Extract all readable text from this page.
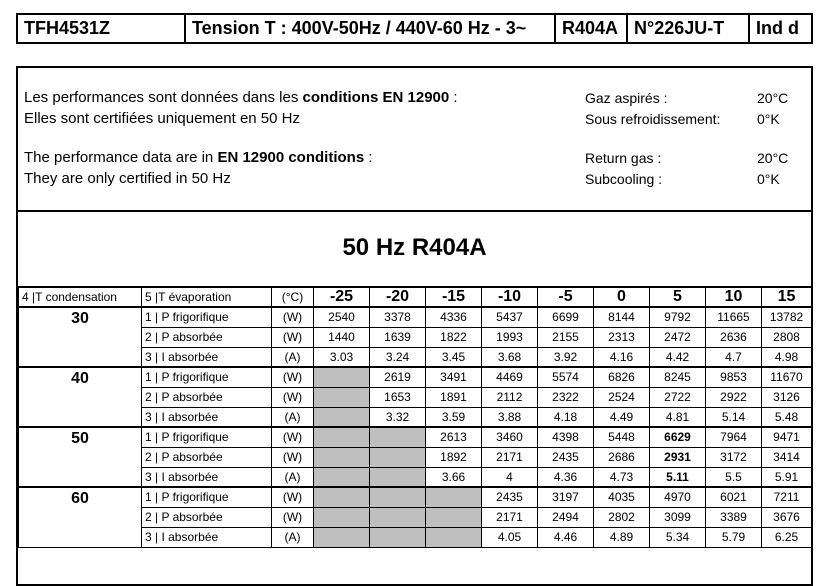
TFH4531Z	Tension T : 400V-50Hz / 440V-60 Hz - 3~	R404A N°226JU-T	Ind d
Les performances sont données dans les conditions EN 12900 :
Elles sont certifiées uniquement en 50 Hz
The performance data are in EN 12900 conditions :
They are only certified in 50 Hz
Gaz aspirés :	20°C
Sous refroidissement:	0°K
Return gas :	20°C
Subcooling :	0°K
50 Hz R404A
4 |T condensation	5 |T évaporation	(°C)	-25	-20	-15	-10	-5	0	5	10	15
30	1 | P frigorifique	(W)	2540	3378	4336	5437	6699	8144	9792	11665	13782
	2 | P absorbée	(W)	1440	1639	1822	1993	2155	2313	2472	2636	2808
	3 | I absorbée	(A)	3.03	3.24	3.45	3.68	3.92	4.16	4.42	4.7	4.98
40	1 | P frigorifique	(W)		2619	3491	4469	5574	6826	8245	9853	11670
	2 | P absorbée	(W)		1653	1891	2112	2322	2524	2722	2922	3126
	3 | I absorbée	(A)		3.32	3.59	3.88	4.18	4.49	4.81	5.14	5.48
50	1 | P frigorifique	(W)			2613	3460	4398	5448	6629	7964	9471
	2 | P absorbée	(W)			1892	2171	2435	2686	2931	3172	3414
	3 | I absorbée	(A)			3.66	4	4.36	4.73	5.11	5.5	5.91
60	1 | P frigorifique	(W)				2435	3197	4035	4970	6021	7211
	2 | P absorbée	(W)				2171	2494	2802	3099	3389	3676
	3 | I absorbée	(A)				4.05	4.46	4.89	5.34	5.79	6.25
